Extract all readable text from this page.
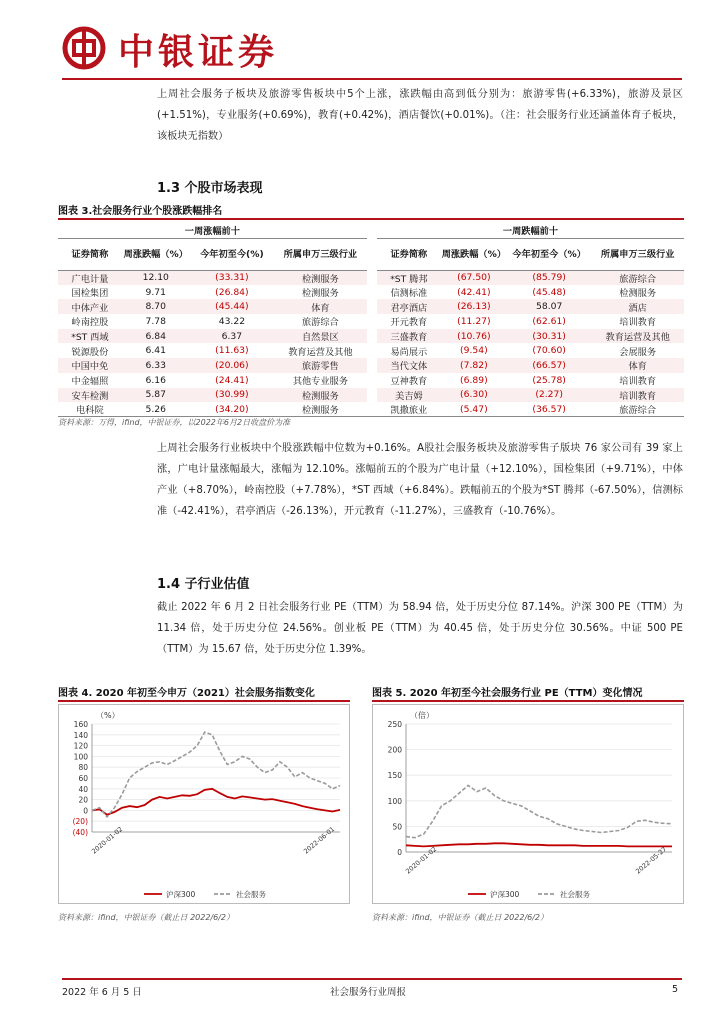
中银证券
上周社会服务子板块及旅游零售板块中5个上涨，涨跌幅由高到低分别为：旅游零售(+6.33%)，旅游及景区(+1.51%)，专业服务(+0.69%)，教育(+0.42%)，酒店餐饮(+0.01%)。（注：社会服务行业还涵盖体育子板块，该板块无指数）
1.3 个股市场表现
图表 3.社会服务行业个股涨跌幅排名
一周涨幅前十					一周跌幅前十			
证券简称	周涨跌幅（%）	今年初至今(%)	所属申万三级行业		证券简称	周涨跌幅（%）	今年初至今（%）	所属申万三级行业
广电计量	12.10	(33.31)	检测服务		*ST 腾邦	(67.50)	(85.79)	旅游综合
国检集团	9.71	(26.84)	检测服务		信测标准	(42.41)	(45.48)	检测服务
中体产业	8.70	(45.44)	体育		君亭酒店	(26.13)	58.07	酒店
岭南控股	7.78	43.22	旅游综合		开元教育	(11.27)	(62.61)	培训教育
*ST 西域	6.84	6.37	自然景区		三盛教育	(10.76)	(30.31)	教育运营及其他
锐源股份	6.41	(11.63)	教育运营及其他		易尚展示	(9.54)	(70.60)	会展服务
中国中免	6.33	(20.06)	旅游零售		当代文体	(7.82)	(66.57)	体育
中金辐照	6.16	(24.41)	其他专业服务		豆神教育	(6.89)	(25.78)	培训教育
安车检测	5.87	(30.99)	检测服务		美吉姆	(6.30)	(2.27)	培训教育
电科院	5.26	(34.20)	检测服务		凯撒旅业	(5.47)	(36.57)	旅游综合
资料来源：万得，ifind，中银证券，以2022年6月2日收盘价为准
上周社会服务行业板块中个股涨跌幅中位数为+0.16%。A股社会服务板块及旅游零售子版块 76 家公司有 39 家上涨，广电计量涨幅最大，涨幅为 12.10%。涨幅前五的个股为广电计量（+12.10%），国检集团（+9.71%），中体产业（+8.70%），岭南控股（+7.78%），*ST 西域（+6.84%）。跌幅前五的个股为*ST 腾邦（-67.50%），信测标准（-42.41%），君亭酒店（-26.13%），开元教育（-11.27%），三盛教育（-10.76%）。
1.4 子行业估值
截止 2022 年 6 月 2 日社会服务行业 PE（TTM）为 58.94 倍，处于历史分位 87.14%。沪深 300 PE（TTM）为 11.34 倍，处于历史分位 24.56%。创业板 PE（TTM）为 40.45 倍，处于历史分位 30.56%。中证 500 PE（TTM）为 15.67 倍，处于历史分位 1.39%。
图表 4. 2020 年初至今申万（2021）社会服务指数变化
（%）
160
140
120
100
80
60
40
20
0
(20)
(40) 2020-01-02	2022-06-01
沪深300	社会服务
资料来源：ifind，中银证券（截止日 2022/6/2）
图表 5. 2020 年初至今社会服务行业 PE（TTM）变化情况
（倍）
250
200
150
100
50
0 2020-01-02	2022-05-27
沪深300	社会服务
资料来源：ifind，中银证券（截止日 2022/6/2）
2022 年 6 月 5 日	社会服务行业周报	5
